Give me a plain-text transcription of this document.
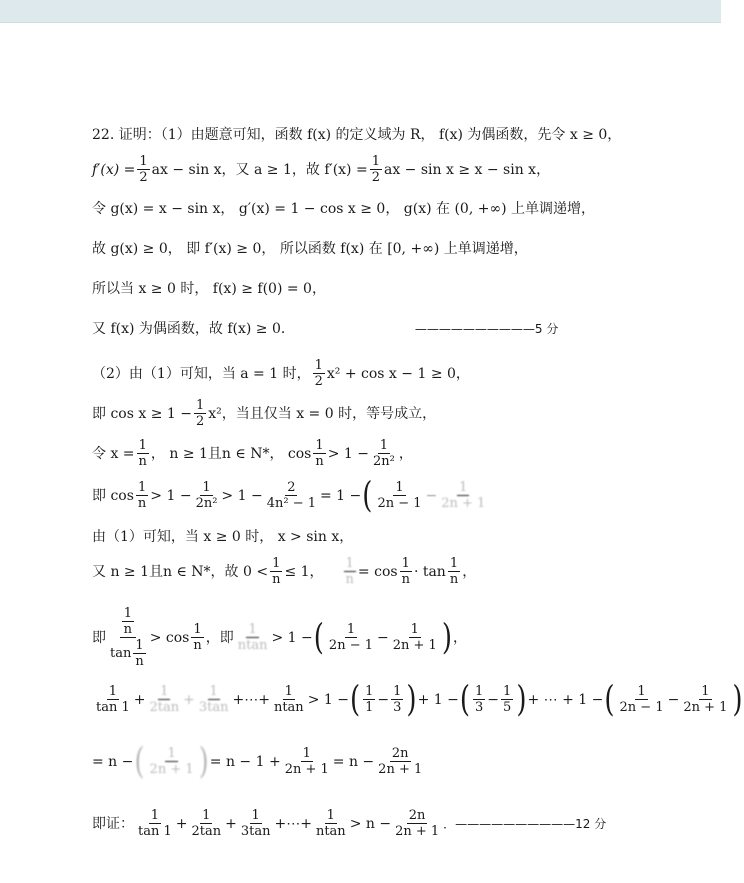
22. 证明：（1）由题意可知，函数 f(x) 的定义域为 R， f(x) 为偶函数，先令 x ≥ 0，
$f'(x) = \frac{1}{2}$ ax − sin x，又 a ≥ 1，故 $f'(x) = \frac{1}{2}$ ax − sin x ≥ x − sin x，
令 g(x) = x − sin x， g′(x) = 1 − cos x ≥ 0， g(x) 在 (0, +∞) 上单调递增，
故 g(x) ≥ 0， 即 f′(x) ≥ 0， 所以函数 f(x) 在 [0, +∞) 上单调递增，
所以当 x ≥ 0 时， f(x) ≥ f(0) = 0，
又 f(x) 为偶函数，故 f(x) ≥ 0．	——————————5 分
（2）由（1）可知，当 a = 1 时， $\frac{1}{2} x^2 + \cos x - 1 \ge 0$，
即 $\cos x \ge 1 - \frac{1}{2} x^2$，当且仅当 x = 0 时，等号成立，
令 $x = \frac{1}{n}$ ， n ≥ 1且n ∈ N*， $\cos \frac{1}{n} > 1 - \frac{1}{\text{2n²}}$ ，
即 $\cos \frac{1}{n} > 1 - \frac{1}{\text{2n²}} > 1 - \frac{2}{\text{4n² − 1}} = 1$ − ( $\frac{1}{2n - 1} - \frac{1}{2n + 1}$
由（1）可知，当 x ≥ 0 时， x > sin x，
又 n ≥ 1且n ∈ N*，故 $0 < \frac{1}{n} \le 1$， $\frac{1}{n} = \cos \frac{1}{n} \cdot \tan \frac{1}{n}$ ，
即 $\frac{\frac{1}{n}}{\tan \frac{1}{n}} > \cos \frac{1}{n}$ ，即 $\frac{1}{ntan} > 1$ − ( $\frac{1}{2n - 1} - \frac{1}{2n + 1}$ ) ，
$\frac{1}{\tan 1} + \frac{1}{2\tan} + \frac{1}{3\tan}$ +⋯+ $\frac{1}{ntan} > 1$ − ( $\frac{1}{1} - \frac{1}{3}$ ) + 1 − ( $\frac{1}{3} - \frac{1}{5}$ ) + ⋯ + 1 − ( $\frac{1}{2n - 1} - \frac{1}{2n + 1}$ )
= n − ( $\frac{1}{2n + 1}$ ) = $n - 1 + \frac{1}{2n + 1} = n - \frac{2n}{2n + 1}$
即证： $\frac{1}{\tan 1} + \frac{1}{2\tan} + \frac{1}{3\tan}$ +⋯+ $\frac{1}{ntan} > n - \frac{2n}{2n + 1}$ ．——————————12 分
